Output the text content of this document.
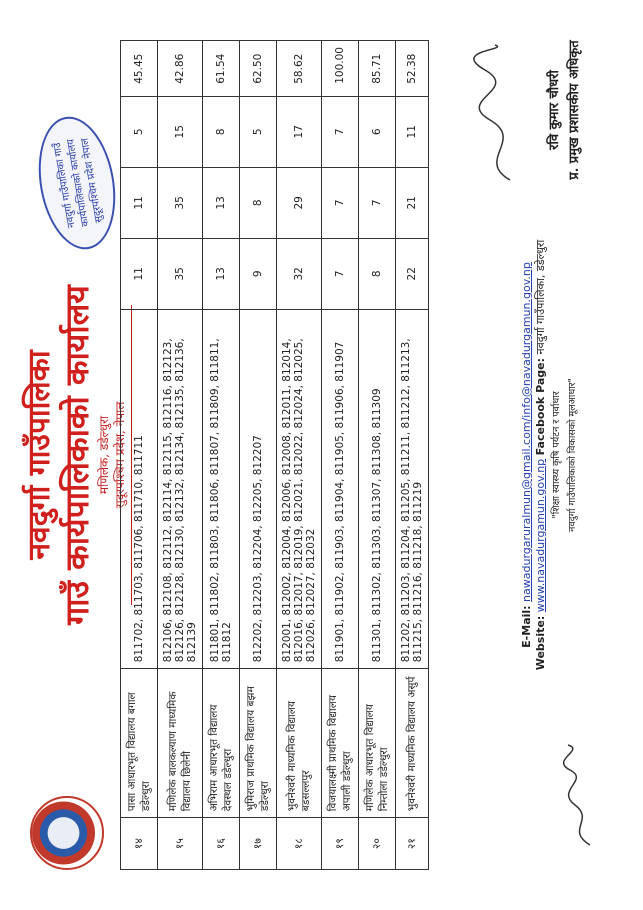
नवदुर्गा गाउँपालिका गाउँ कार्यपालिकाको कार्यालय मणिलेक, डडेल्धुरा सुदूरपश्चिम प्रदेश, नेपाल
नवदुर्गा गाउँपालिका गाउँ कार्यपालिकाको कार्यालय सुदूरपश्चिम प्रदेश नेपाल
१४	पासा आधारभूत विद्यालय बगाल डडेल्धुरा	811702, 811703, 811706, 811710, 811711	11	11	5	45.45
१५	मणिलेक बालकल्याण माध्यमिक विद्यालय छिलेनी	812106, 812108, 812112, 812114, 812115, 812116, 812123, 812126, 812128, 812130, 812132, 812134, 812135, 812136, 812139	35	35	15	42.86
१६	अभिराम आधारभूत विद्यालय देवस्थल डडेल्धुरा	811801, 811802, 811803, 811806, 811807, 811809, 811811, 811812	13	13	8	61.54
१७	भुमिराज प्राथमिक विद्यालय बझम डडेल्धुरा	812202, 812203, 812204, 812205, 812207	9	8	5	62.50
१८	भुवनेश्वरी माध्यमिक विद्यालय बडसल्लपुर	812001, 812002, 812004, 812006, 812008, 812011, 812014, 812016, 812017, 812019, 812021, 812022, 812024, 812025, 812026, 812027, 812032	32	29	17	58.62
१९	विजयालक्ष्मी प्राथमिक विद्यालय अपाली डडेल्धुरा	811901, 811902, 811903, 811904, 811905, 811906, 811907	7	7	7	100.00
२०	मणिलेक आधारभूत विद्यालय निम्तोला डडेल्धुरा	811301, 811302, 811303, 811307, 811308, 811309	8	7	6	85.71
२१	भुवनेश्वरी माध्यमिक विद्यालय असुर्प	811202, 811203, 811204, 811205, 811211, 811212, 811213, 811215, 811216, 811218, 811219	22	21	11	52.38
रवि कुमार चौधरी प्र. प्रमुख प्रशासकीय अधिकृत
E-Mail: nawadurgaruralmun@gmail.com/info@navadurgamun.gov.np
Website: www.navadurgamun.gov.np Facebook Page: नवदुर्गा गाउँपालिका, डडेल्धुरा
"शिक्षा स्वास्थ्य कृषि पर्यटन र पर्वाधार नवदुर्गा गाउँपालिकाको विकासको मूलआधार"
